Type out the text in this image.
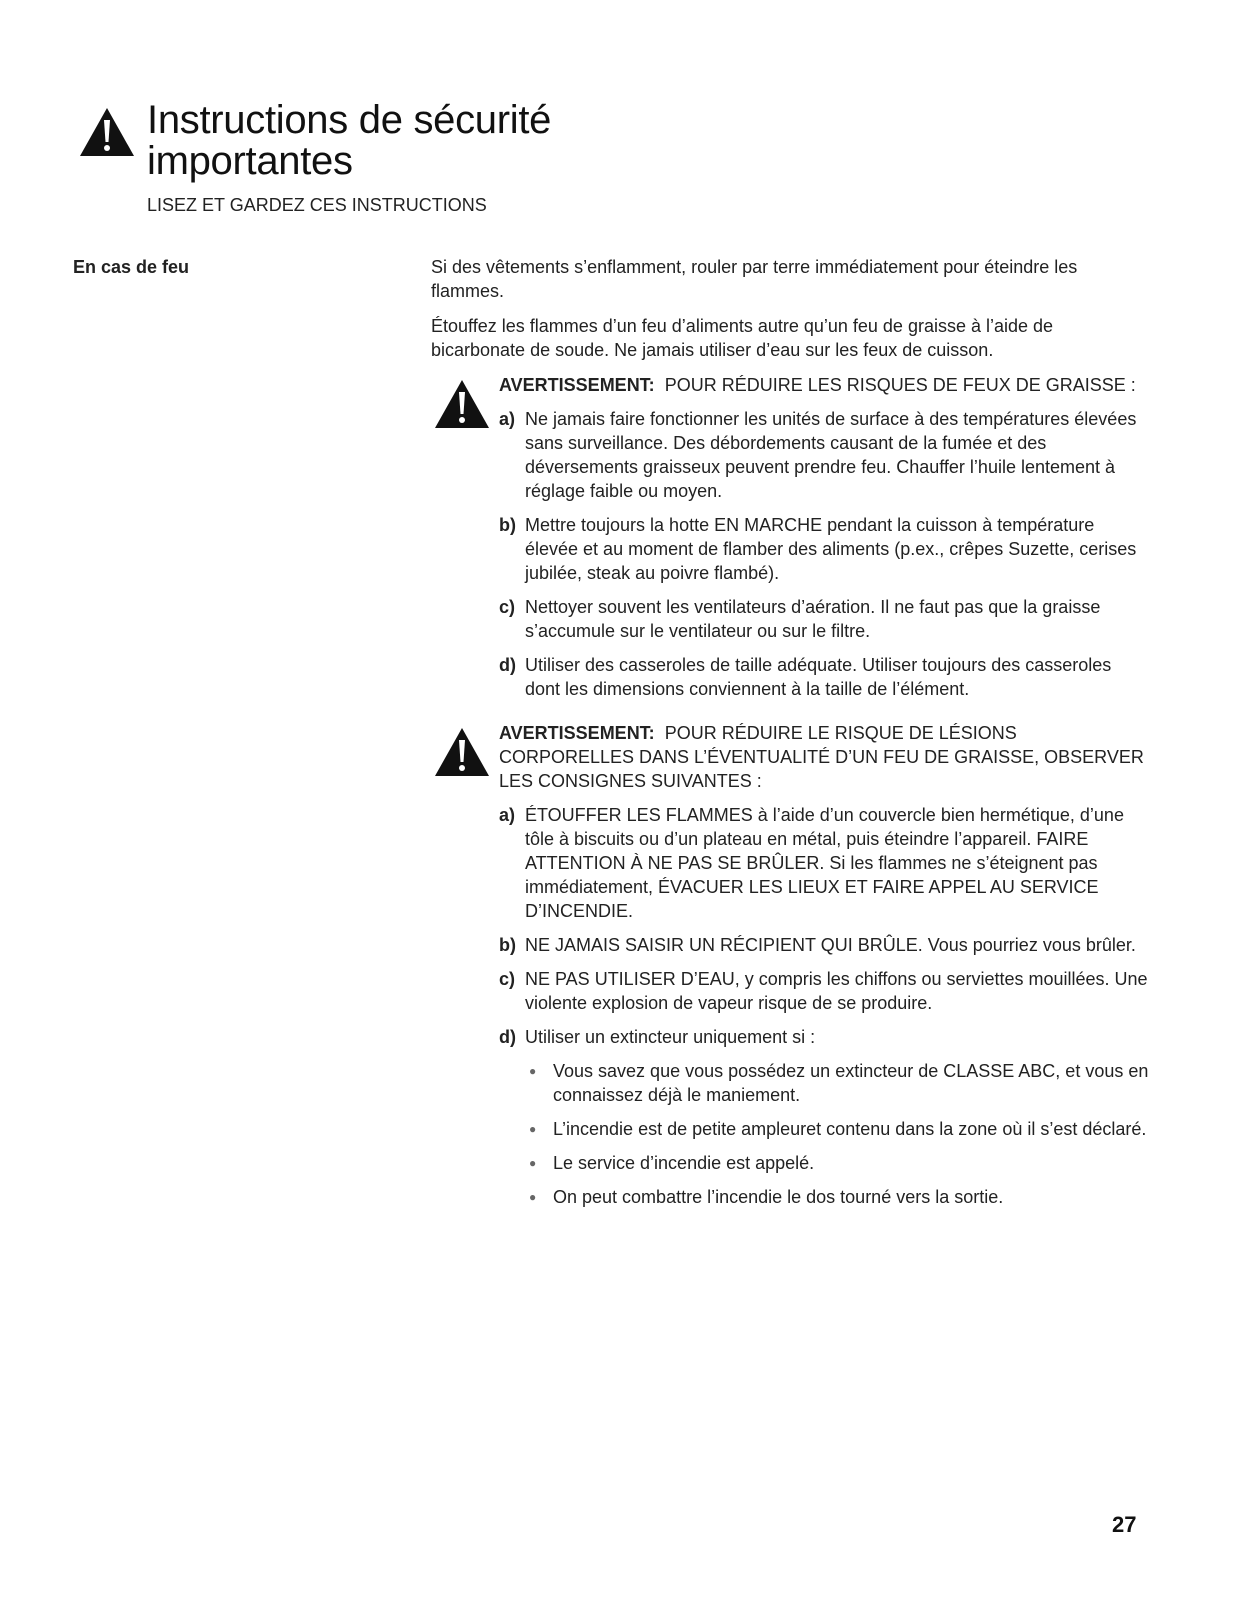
Instructions de sécurité
importantes
LISEZ ET GARDEZ CES INSTRUCTIONS
En cas de feu	Si des vêtements s’enflamment, rouler par terre immédiatement pour éteindre les flammes.

Étouffez les flammes d’un feu d’aliments autre qu’un feu de graisse à l’aide de bicarbonate de soude. Ne jamais utiliser d’eau sur les feux de cuisson.

AVERTISSEMENT: POUR RÉDUIRE LES RISQUES DE FEUX DE GRAISSE :

a) Ne jamais faire fonctionner les unités de surface à des températures élevées sans surveillance. Des débordements causant de la fumée et des déversements graisseux peuvent prendre feu. Chauffer l’huile lentement à réglage faible ou moyen.
b) Mettre toujours la hotte EN MARCHE pendant la cuisson à température élevée et au moment de flamber des aliments (p.ex., crêpes Suzette, cerises jubilée, steak au poivre flambé).
c) Nettoyer souvent les ventilateurs d’aération. Il ne faut pas que la graisse s’accumule sur le ventilateur ou sur le filtre.
d) Utiliser des casseroles de taille adéquate. Utiliser toujours des casseroles dont les dimensions conviennent à la taille de l’élément.

AVERTISSEMENT: POUR RÉDUIRE LE RISQUE DE LÉSIONS CORPORELLES DANS L’ÉVENTUALITÉ D’UN FEU DE GRAISSE, OBSERVER LES CONSIGNES SUIVANTES :

a) ÉTOUFFER LES FLAMMES à l’aide d’un couvercle bien hermétique, d’une tôle à biscuits ou d’un plateau en métal, puis éteindre l’appareil. FAIRE ATTENTION À NE PAS SE BRÛLER. Si les flammes ne s’éteignent pas immédiatement, ÉVACUER LES LIEUX ET FAIRE APPEL AU SERVICE D’INCENDIE.
b) NE JAMAIS SAISIR UN RÉCIPIENT QUI BRÛLE. Vous pourriez vous brûler.
c) NE PAS UTILISER D’EAU, y compris les chiffons ou serviettes mouillées. Une violente explosion de vapeur risque de se produire.
d) Utiliser un extincteur uniquement si :
● Vous savez que vous possédez un extincteur de CLASSE ABC, et vous en connaissez déjà le maniement.
● L’incendie est de petite ampleuret contenu dans la zone où il s’est déclaré.
● Le service d’incendie est appelé.
● On peut combattre l’incendie le dos tourné vers la sortie.
27
